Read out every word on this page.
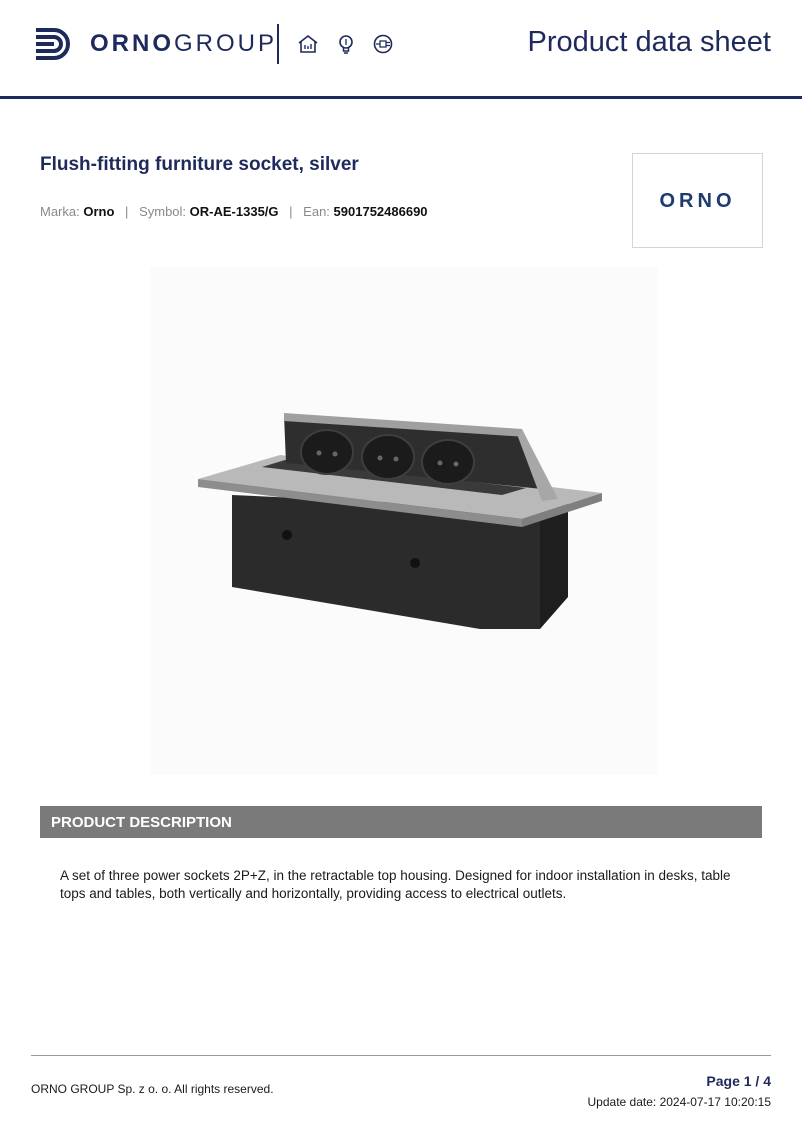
ORNOGROUP	Product data sheet
Flush-fitting furniture socket, silver
Marka: Orno | Symbol: OR-AE-1335/G | Ean: 5901752486690	ORNO
PRODUCT DESCRIPTION
A set of three power sockets 2P+Z, in the retractable top housing. Designed for indoor installation in desks, table tops and tables, both vertically and horizontally, providing access to electrical outlets.
ORNO GROUP Sp. z o. o. All rights reserved.	Page 1 / 4
Update date: 2024-07-17 10:20:15
